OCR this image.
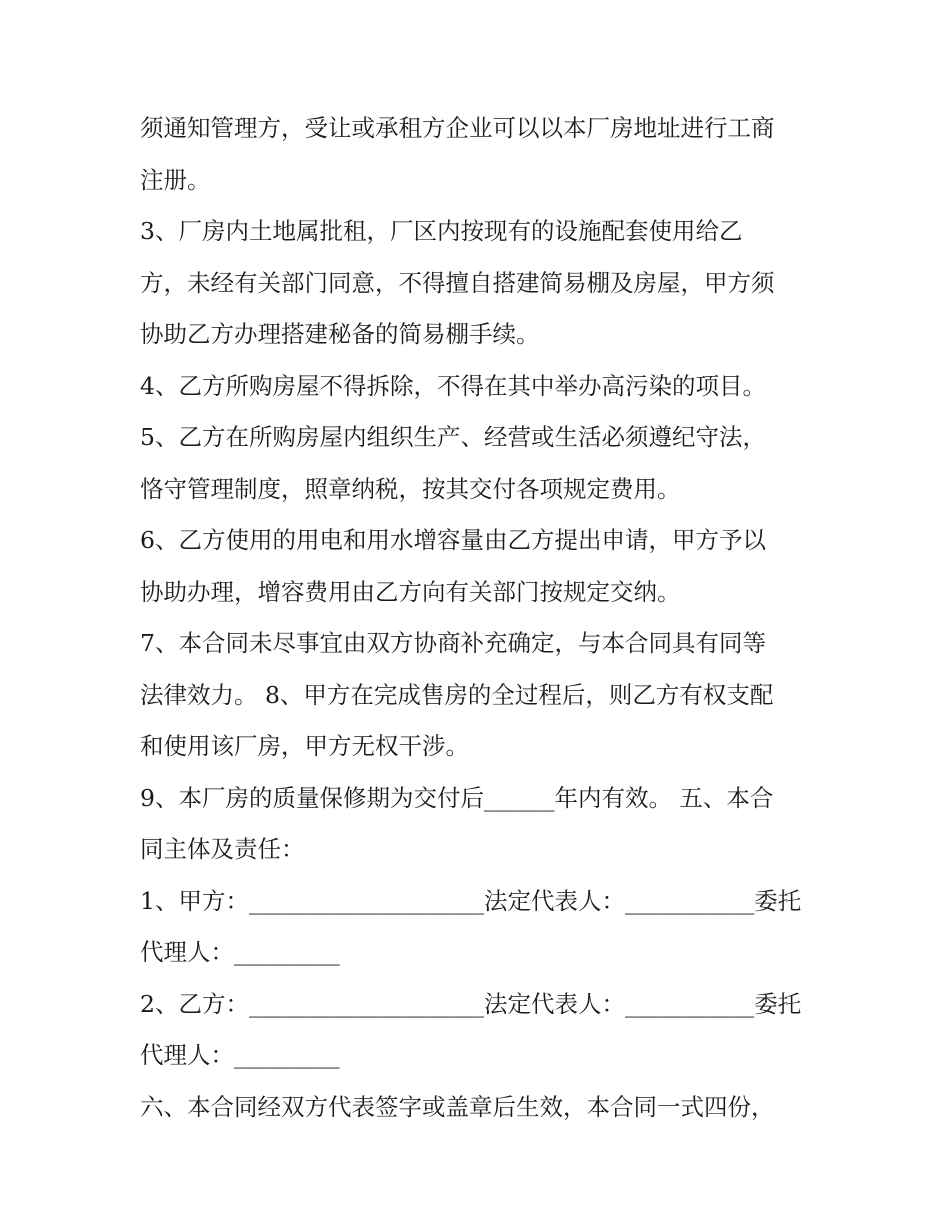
须通知管理方，受让或承租方企业可以以本厂房地址进行工商
注册。
3、厂房内土地属批租，厂区内按现有的设施配套使用给乙
方，未经有关部门同意，不得擅自搭建简易棚及房屋，甲方须
协助乙方办理搭建秘备的简易棚手续。
4、乙方所购房屋不得拆除，不得在其中举办高污染的项目。
5、乙方在所购房屋内组织生产、经营或生活必须遵纪守法，
恪守管理制度，照章纳税，按其交付各项规定费用。
6、乙方使用的用电和用水增容量由乙方提出申请，甲方予以
协助办理，增容费用由乙方向有关部门按规定交纳。
7、本合同未尽事宜由双方协商补充确定，与本合同具有同等
法律效力。 8、甲方在完成售房的全过程后，则乙方有权支配
和使用该厂房，甲方无权干涉。
9、本厂房的质量保修期为交付后______年内有效。 五、本合
同主体及责任：
1、甲方：____________________法定代表人：___________委托
代理人：_________
2、乙方：____________________法定代表人：___________委托
代理人：_________
六、本合同经双方代表签字或盖章后生效，本合同一式四份，
